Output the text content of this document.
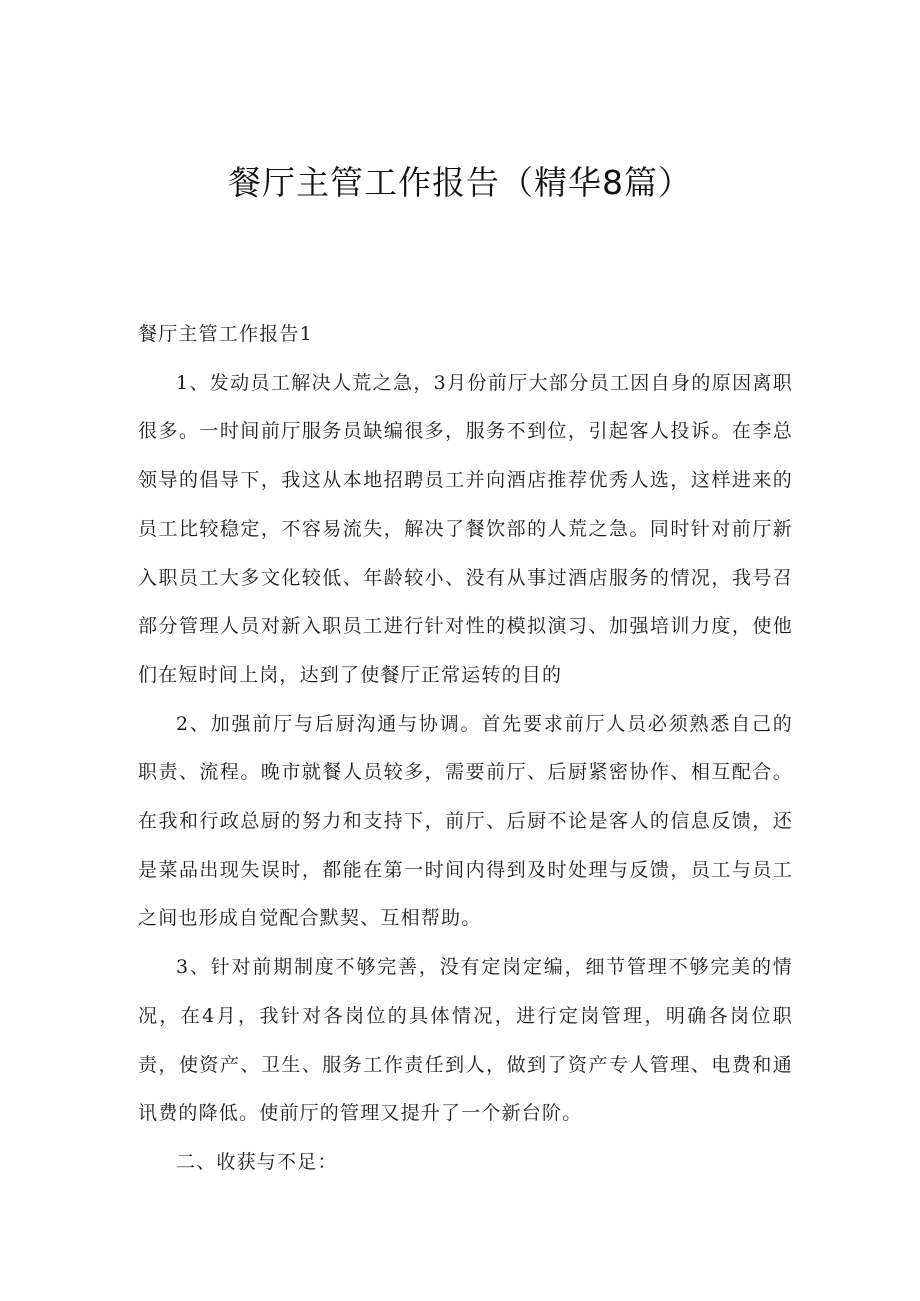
餐厅主管工作报告（精华8篇）

餐厅主管工作报告1

1、发动员工解决人荒之急，3月份前厅大部分员工因自身的原因离职很多。一时间前厅服务员缺编很多，服务不到位，引起客人投诉。在李总领导的倡导下，我这从本地招聘员工并向酒店推荐优秀人选，这样进来的员工比较稳定，不容易流失，解决了餐饮部的人荒之急。同时针对前厅新入职员工大多文化较低、年龄较小、没有从事过酒店服务的情况，我号召部分管理人员对新入职员工进行针对性的模拟演习、加强培训力度，使他们在短时间上岗，达到了使餐厅正常运转的目的

2、加强前厅与后厨沟通与协调。首先要求前厅人员必须熟悉自己的职责、流程。晚市就餐人员较多，需要前厅、后厨紧密协作、相互配合。在我和行政总厨的努力和支持下，前厅、后厨不论是客人的信息反馈，还是菜品出现失误时，都能在第一时间内得到及时处理与反馈，员工与员工之间也形成自觉配合默契、互相帮助。

3、针对前期制度不够完善，没有定岗定编，细节管理不够完美的情况，在4月，我针对各岗位的具体情况，进行定岗管理，明确各岗位职责，使资产、卫生、服务工作责任到人，做到了资产专人管理、电费和通讯费的降低。使前厅的管理又提升了一个新台阶。

二、收获与不足：
